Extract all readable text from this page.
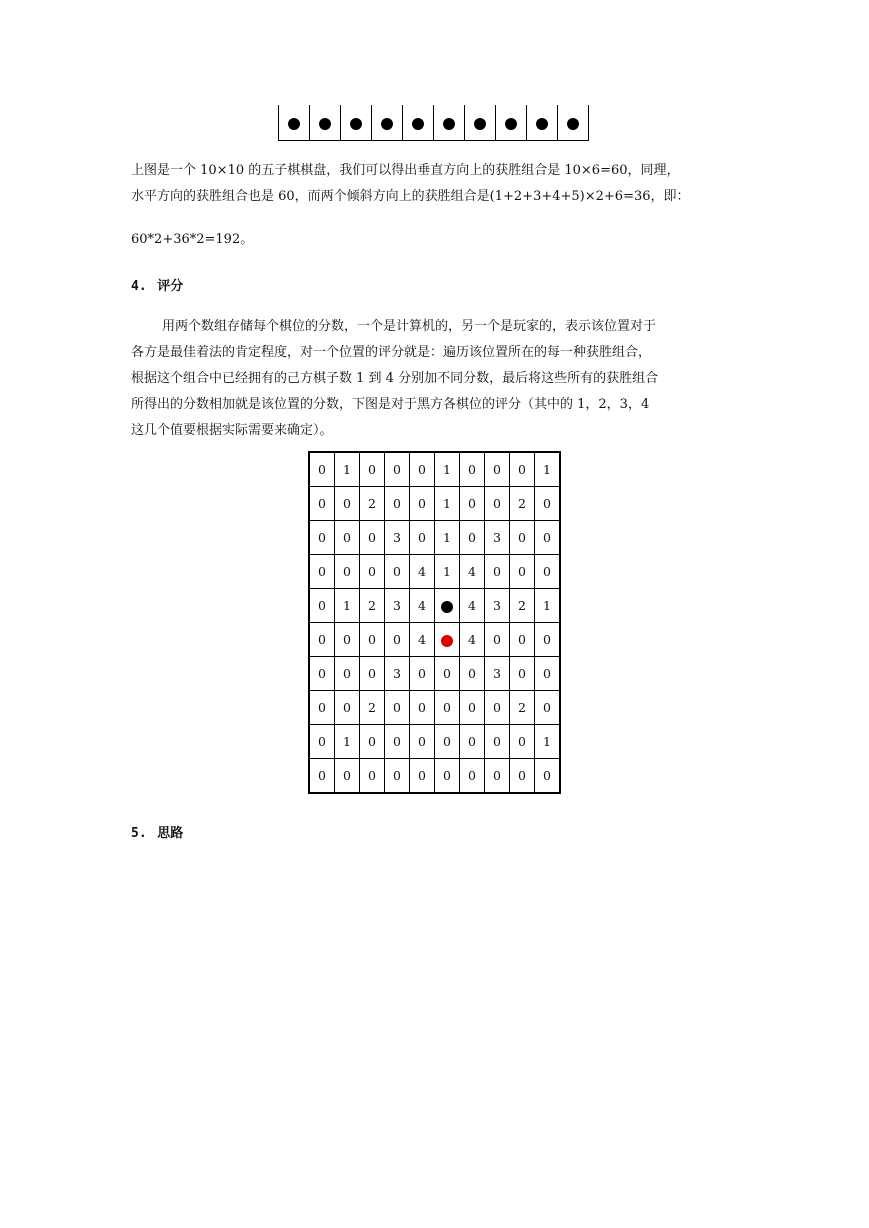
上图是一个 10×10 的五子棋棋盘，我们可以得出垂直方向上的获胜组合是 10×6=60，同理，
水平方向的获胜组合也是 60，而两个倾斜方向上的获胜组合是(1+2+3+4+5)×2+6=36，即：
60*2+36*2=192。
4. 评分
用两个数组存储每个棋位的分数，一个是计算机的，另一个是玩家的，表示该位置对于
各方是最佳着法的肯定程度，对一个位置的评分就是：遍历该位置所在的每一种获胜组合，
根据这个组合中已经拥有的己方棋子数 1 到 4 分别加不同分数，最后将这些所有的获胜组合
所得出的分数相加就是该位置的分数，下图是对于黑方各棋位的评分（其中的 1，2，3，4
这几个值要根据实际需要来确定）。
0	1	0	0	0	1	0	0	0	1
0	0	2	0	0	1	0	0	2	0
0	0	0	3	0	1	0	3	0	0
0	0	0	0	4	1	4	0	0	0
0	1	2	3	4		4	3	2	1
0	0	0	0	4		4	0	0	0
0	0	0	3	0	0	0	3	0	0
0	0	2	0	0	0	0	0	2	0
0	1	0	0	0	0	0	0	0	1
0	0	0	0	0	0	0	0	0	0
5. 思路
